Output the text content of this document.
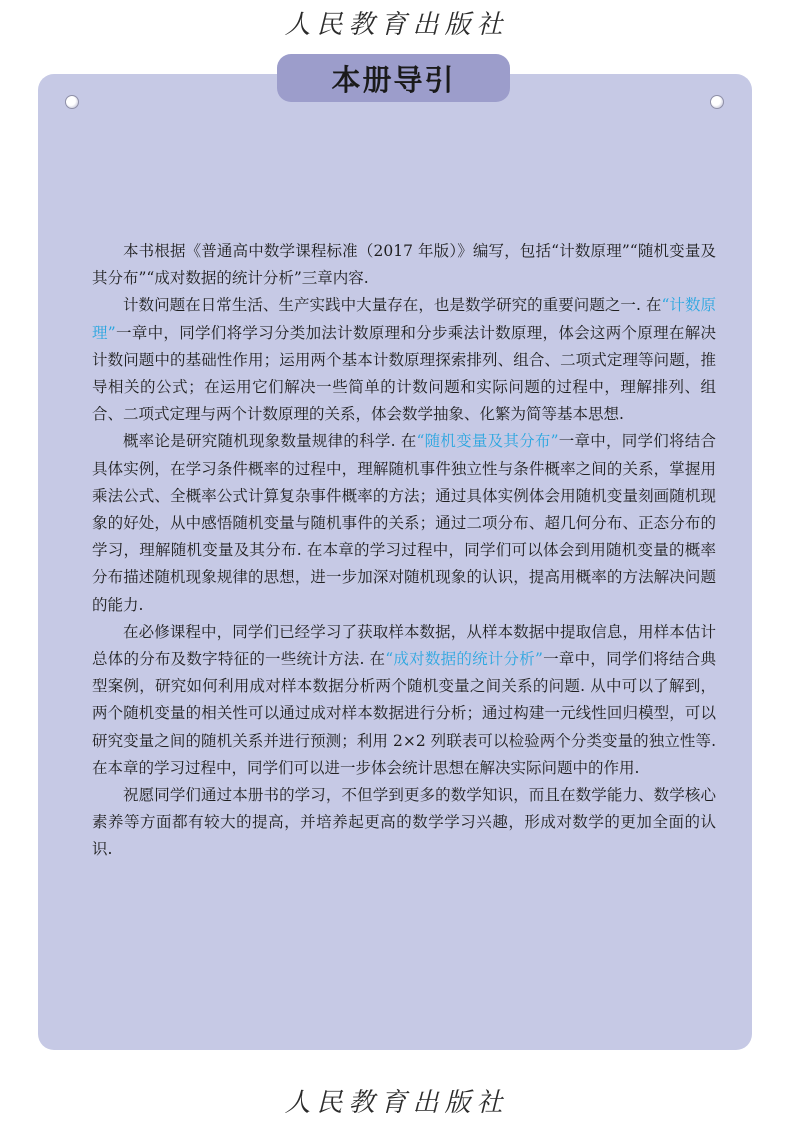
人民教育出版社
本册导引

本书根据《普通高中数学课程标准（2017 年版）》编写，包括“计数原理”“随机变量及其分布”“成对数据的统计分析”三章内容.

计数问题在日常生活、生产实践中大量存在，也是数学研究的重要问题之一. 在“计数原理”一章中，同学们将学习分类加法计数原理和分步乘法计数原理，体会这两个原理在解决计数问题中的基础性作用；运用两个基本计数原理探索排列、组合、二项式定理等问题，推导相关的公式；在运用它们解决一些简单的计数问题和实际问题的过程中，理解排列、组合、二项式定理与两个计数原理的关系，体会数学抽象、化繁为简等基本思想.

概率论是研究随机现象数量规律的科学. 在“随机变量及其分布”一章中，同学们将结合具体实例，在学习条件概率的过程中，理解随机事件独立性与条件概率之间的关系，掌握用乘法公式、全概率公式计算复杂事件概率的方法；通过具体实例体会用随机变量刻画随机现象的好处，从中感悟随机变量与随机事件的关系；通过二项分布、超几何分布、正态分布的学习，理解随机变量及其分布. 在本章的学习过程中，同学们可以体会到用随机变量的概率分布描述随机现象规律的思想，进一步加深对随机现象的认识，提高用概率的方法解决问题的能力.

在必修课程中，同学们已经学习了获取样本数据，从样本数据中提取信息，用样本估计总体的分布及数字特征的一些统计方法. 在“成对数据的统计分析”一章中，同学们将结合典型案例，研究如何利用成对样本数据分析两个随机变量之间关系的问题. 从中可以了解到，两个随机变量的相关性可以通过成对样本数据进行分析；通过构建一元线性回归模型，可以研究变量之间的随机关系并进行预测；利用 2×2 列联表可以检验两个分类变量的独立性等. 在本章的学习过程中，同学们可以进一步体会统计思想在解决实际问题中的作用.

祝愿同学们通过本册书的学习，不但学到更多的数学知识，而且在数学能力、数学核心素养等方面都有较大的提高，并培养起更高的数学学习兴趣，形成对数学的更加全面的认识.

人民教育出版社
